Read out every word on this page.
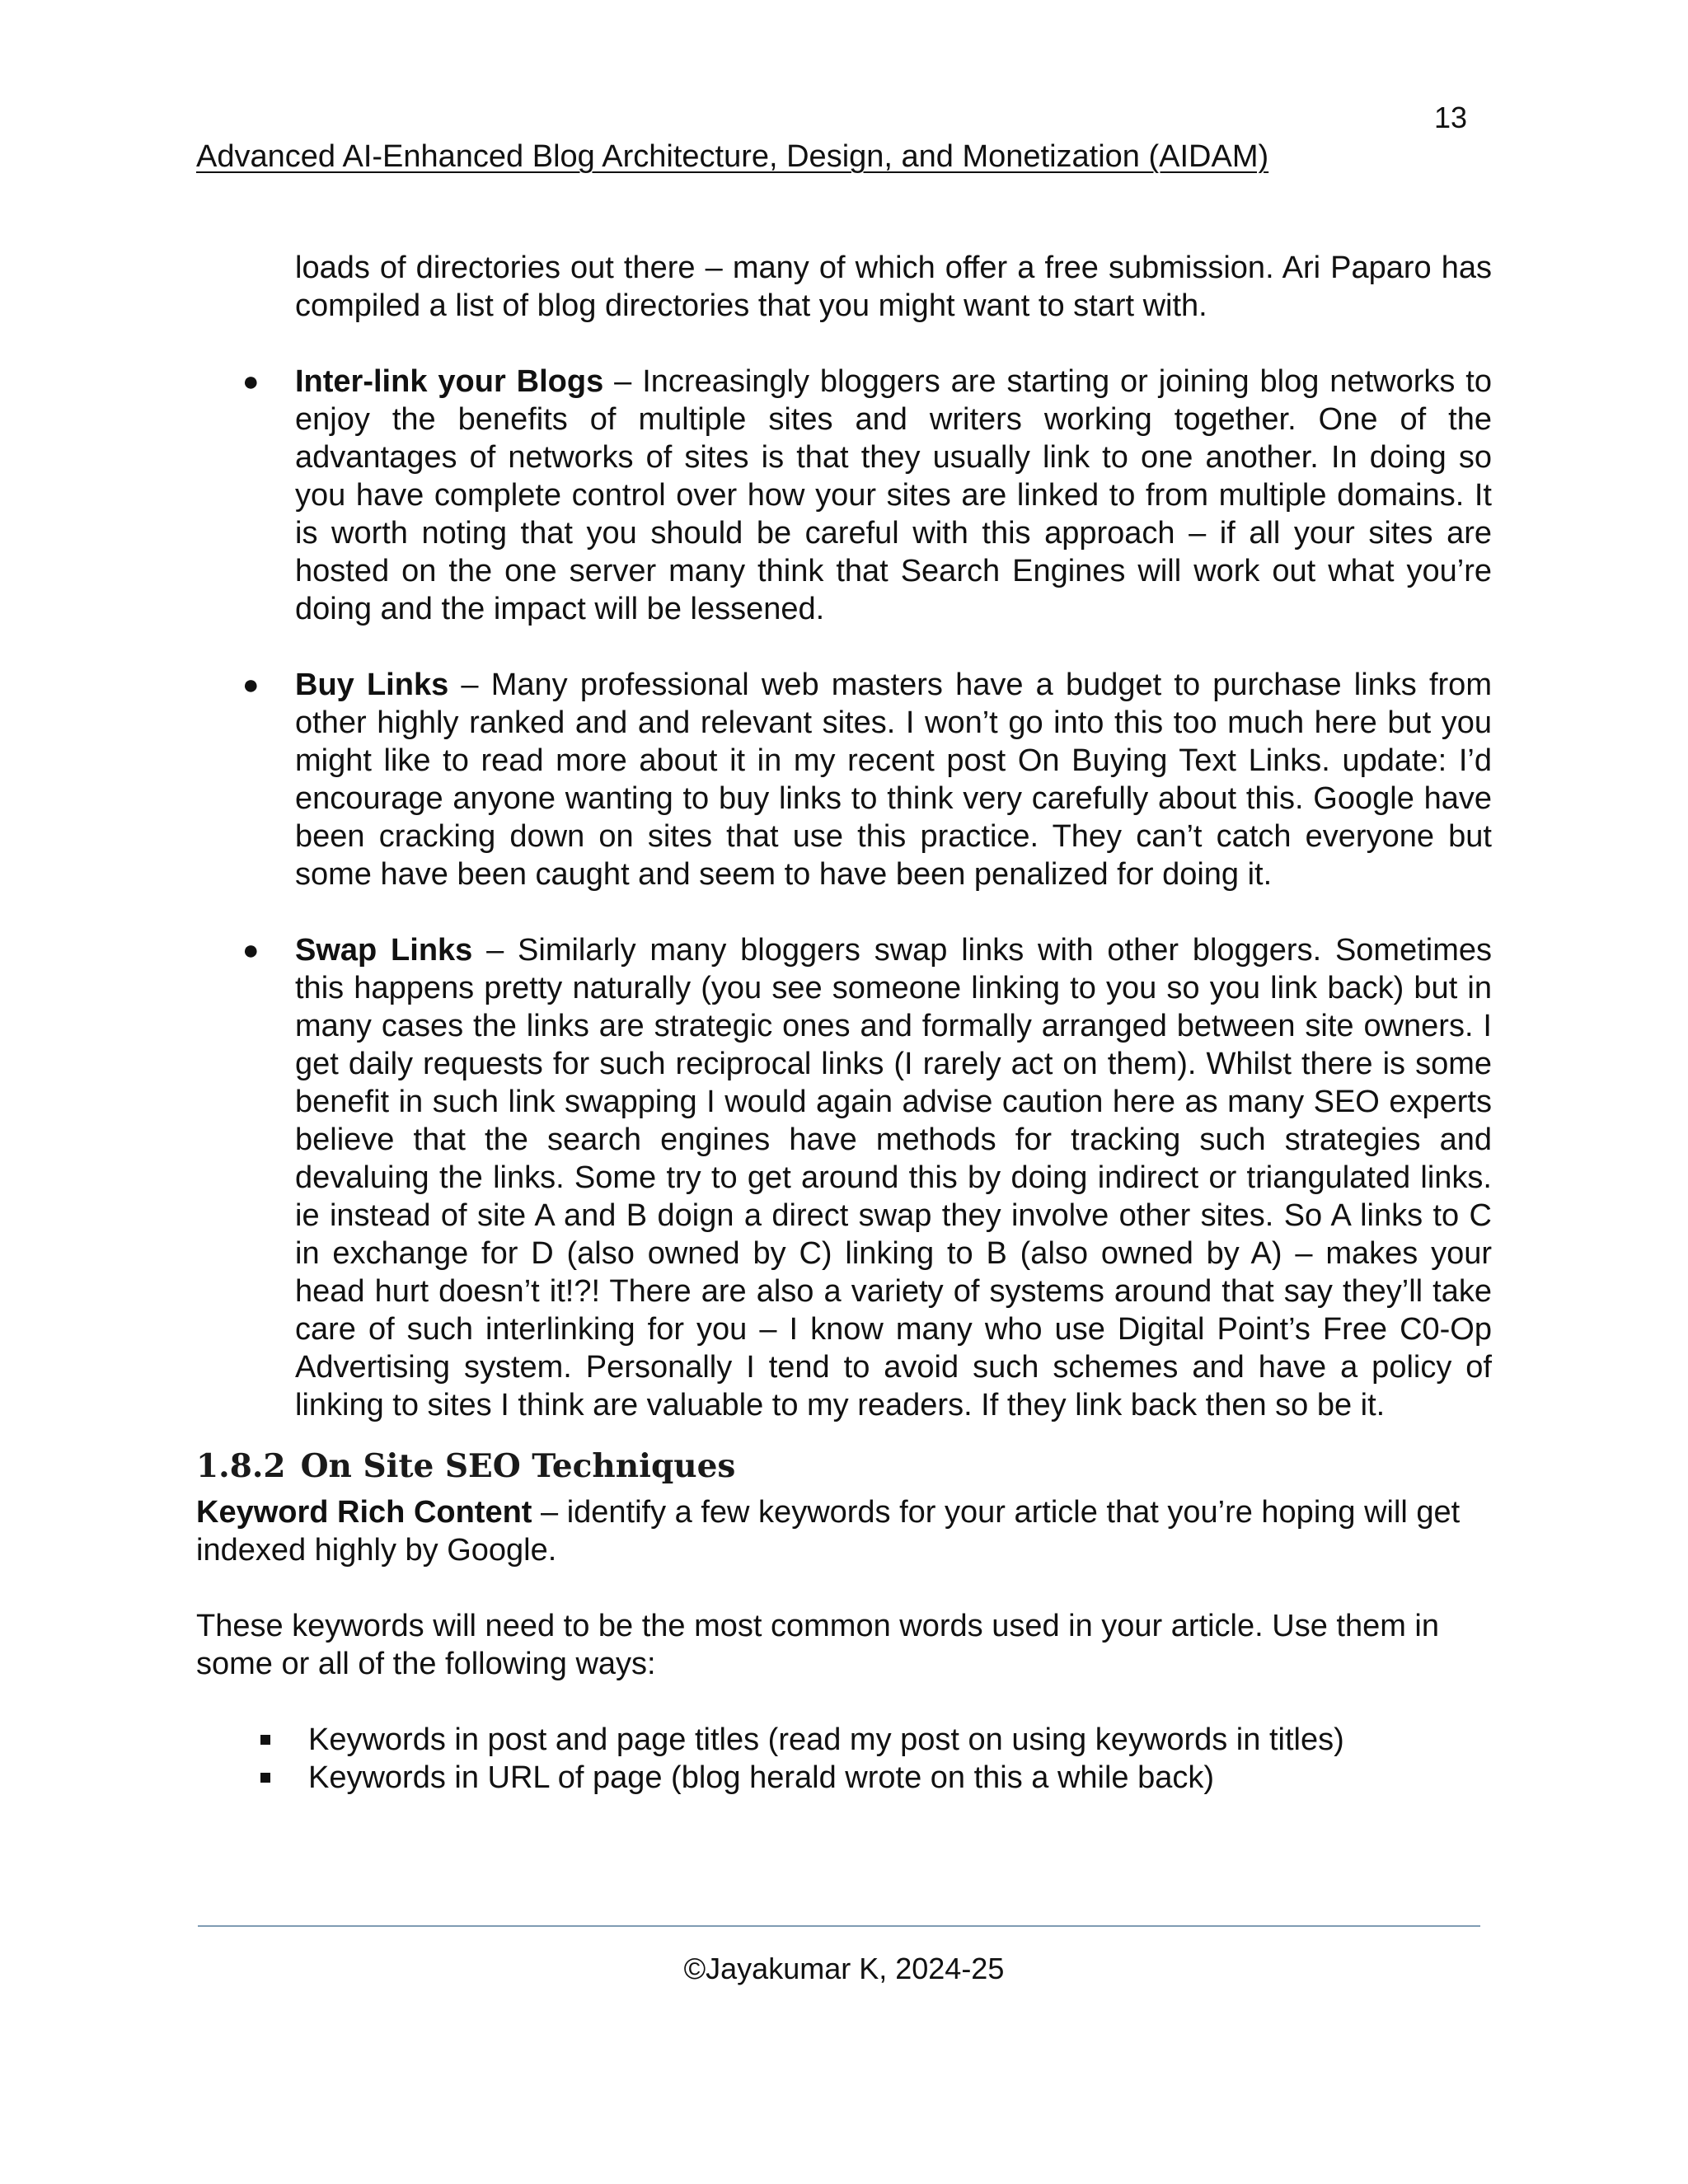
13
Advanced AI-Enhanced Blog Architecture, Design, and Monetization (AIDAM)

loads of directories out there – many of which offer a free submission. Ari Paparo has compiled a list of blog directories that you might want to start with.

● Inter-link your Blogs – Increasingly bloggers are starting or joining blog networks to enjoy the benefits of multiple sites and writers working together. One of the advantages of networks of sites is that they usually link to one another. In doing so you have complete control over how your sites are linked to from multiple domains. It is worth noting that you should be careful with this approach – if all your sites are hosted on the one server many think that Search Engines will work out what you’re doing and the impact will be lessened.
● Buy Links – Many professional web masters have a budget to purchase links from other highly ranked and and relevant sites. I won’t go into this too much here but you might like to read more about it in my recent post On Buying Text Links. update: I’d encourage anyone wanting to buy links to think very carefully about this. Google have been cracking down on sites that use this practice. They can’t catch everyone but some have been caught and seem to have been penalized for doing it.
● Swap Links – Similarly many bloggers swap links with other bloggers. Sometimes this happens pretty naturally (you see someone linking to you so you link back) but in many cases the links are strategic ones and formally arranged between site owners. I get daily requests for such reciprocal links (I rarely act on them). Whilst there is some benefit in such link swapping I would again advise caution here as many SEO experts believe that the search engines have methods for tracking such strategies and devaluing the links. Some try to get around this by doing indirect or triangulated links. ie instead of site A and B doign a direct swap they involve other sites. So A links to C in exchange for D (also owned by C) linking to B (also owned by A) – makes your head hurt doesn’t it!?! There are also a variety of systems around that say they’ll take care of such interlinking for you – I know many who use Digital Point’s Free C0-Op Advertising system. Personally I tend to avoid such schemes and have a policy of linking to sites I think are valuable to my readers. If they link back then so be it.
1.8.2 On Site SEO Techniques

Keyword Rich Content – identify a few keywords for your article that you’re hoping will get indexed highly by Google.

These keywords will need to be the most common words used in your article. Use them in some or all of the following ways:

Keywords in post and page titles (read my post on using keywords in titles)
Keywords in URL of page (blog herald wrote on this a while back)
©Jayakumar K, 2024-25
